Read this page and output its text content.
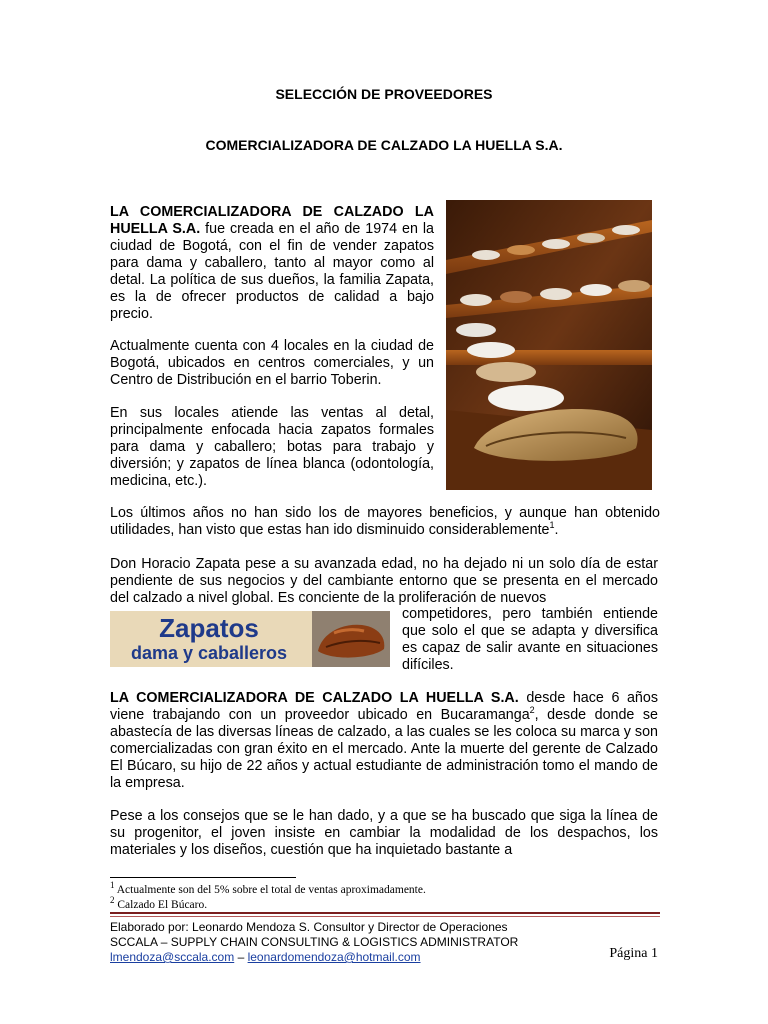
SELECCIÓN DE PROVEEDORES
COMERCIALIZADORA DE CALZADO LA HUELLA S.A.

LA COMERCIALIZADORA DE CALZADO LA HUELLA S.A. fue creada en el año de 1974 en la ciudad de Bogotá, con el fin de vender zapatos para dama y caballero, tanto al mayor como al detal. La política de sus dueños, la familia Zapata, es la de ofrecer productos de calidad a bajo precio.

Actualmente cuenta con 4 locales en la ciudad de Bogotá, ubicados en centros comerciales, y un Centro de Distribución en el barrio Toberin.

En sus locales atiende las ventas al detal, principalmente enfocada hacia zapatos formales para dama y caballero; botas para trabajo y diversión; y zapatos de línea blanca (odontología, medicina, etc.).

Los últimos años no han sido los de mayores beneficios, y aunque han obtenido utilidades, han visto que estas han ido disminuido considerablemente$^1$.

Don Horacio Zapata pese a su avanzada edad, no ha dejado ni un solo día de estar pendiente de sus negocios y del cambiante entorno que se presenta en el mercado del calzado a nivel global. Es conciente de la proliferación de nuevos

Zapatos
dama y caballeros

competidores, pero también entiende que solo el que se adapta y diversifica es capaz de salir avante en situaciones difíciles.

LA COMERCIALIZADORA DE CALZADO LA HUELLA S.A. desde hace 6 años viene trabajando con un proveedor ubicado en Bucaramanga$^2$, desde donde se abastecía de las diversas líneas de calzado, a las cuales se les coloca su marca y son comercializadas con gran éxito en el mercado. Ante la muerte del gerente de Calzado El Búcaro, su hijo de 22 años y actual estudiante de administración tomo el mando de la empresa.

Pese a los consejos que se le han dado, y a que se ha buscado que siga la línea de su progenitor, el joven insiste en cambiar la modalidad de los despachos, los materiales y los diseños, cuestión que ha inquietado bastante a

$^1$ Actualmente son del 5% sobre el total de ventas aproximadamente.
$^2$ Calzado El Búcaro.
Elaborado por: Leonardo Mendoza S. Consultor y Director de Operaciones
SCCALA – SUPPLY CHAIN CONSULTING & LOGISTICS ADMINISTRATOR
lmendoza@sccala.com – leonardomendoza@hotmail.com	Página 1
